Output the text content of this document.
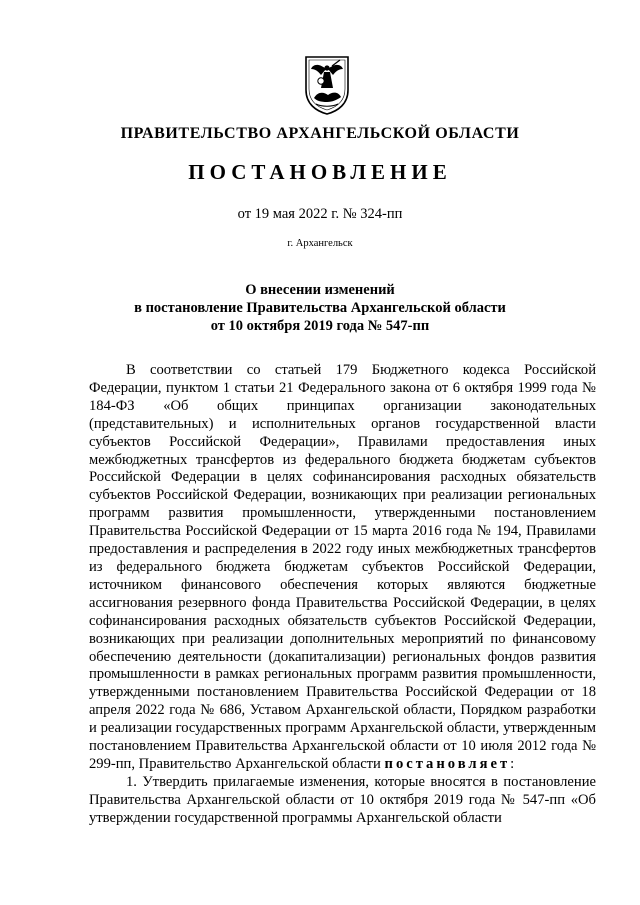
ПРАВИТЕЛЬСТВО АРХАНГЕЛЬСКОЙ ОБЛАСТИ
ПОСТАНОВЛЕНИЕ
от 19 мая 2022 г. № 324-пп
г. Архангельск
О внесении изменений
в постановление Правительства Архангельской области
от 10 октября 2019 года № 547-пп

В соответствии со статьей 179 Бюджетного кодекса Российской Федерации, пунктом 1 статьи 21 Федерального закона от 6 октября 1999 года № 184-ФЗ «Об общих принципах организации законодательных (представительных) и исполнительных органов государственной власти субъектов Российской Федерации», Правилами предоставления иных межбюджетных трансфертов из федерального бюджета бюджетам субъектов Российской Федерации в целях софинансирования расходных обязательств субъектов Российской Федерации, возникающих при реализации региональных программ развития промышленности, утвержденными постановлением Правительства Российской Федерации от 15 марта 2016 года № 194, Правилами предоставления и распределения в 2022 году иных межбюджетных трансфертов из федерального бюджета бюджетам субъектов Российской Федерации, источником финансового обеспечения которых являются бюджетные ассигнования резервного фонда Правительства Российской Федерации, в целях софинансирования расходных обязательств субъектов Российской Федерации, возникающих при реализации дополнительных мероприятий по финансовому обеспечению деятельности (докапитализации) региональных фондов развития промышленности в рамках региональных программ развития промышленности, утвержденными постановлением Правительства Российской Федерации от 18 апреля 2022 года № 686, Уставом Архангельской области, Порядком разработки и реализации государственных программ Архангельской области, утвержденным постановлением Правительства Архангельской области от 10 июля 2012 года № 299-пп, Правительство Архангельской области постановляет:

1. Утвердить прилагаемые изменения, которые вносятся в постановление Правительства Архангельской области от 10 октября 2019 года № 547-пп «Об утверждении государственной программы Архангельской области
